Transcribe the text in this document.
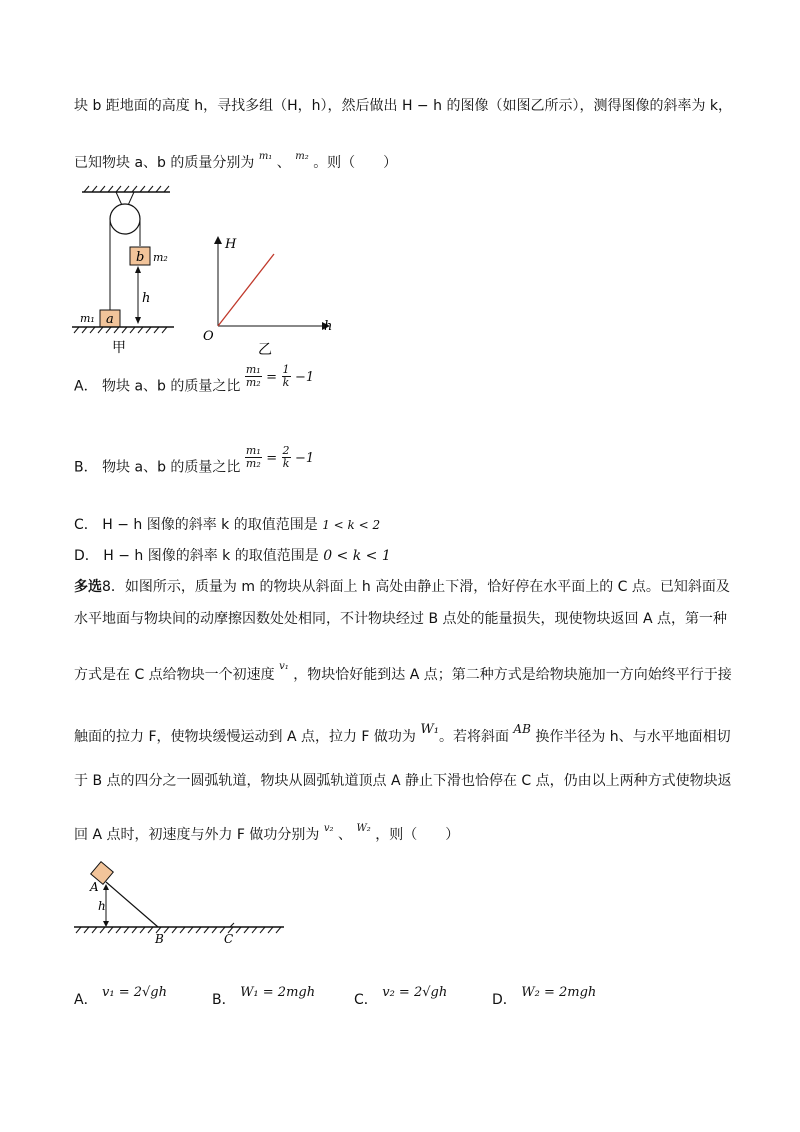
块 b 距地面的高度 h，寻找多组（H，h），然后做出 H − h 的图像（如图乙所示），测得图像的斜率为 k，
已知物块 a、b 的质量分别为 $^{m_1}$ 、 $^{m_2}$ 。则（　　）
b m₂
h
a
m₁
甲
H
h
O
乙
A． 物块 a、b 的质量之比 $\frac{\text{m₁}}{\text{m₂}} = \frac{1}{k} -1$
B． 物块 a、b 的质量之比 $\frac{\text{m₁}}{\text{m₂}} = \frac{2}{k} -1$
C． H − h 图像的斜率 k 的取值范围是 1 < k < 2
D． H − h 图像的斜率 k 的取值范围是 0 < k < 1
多选8．如图所示，质量为 m 的物块从斜面上 h 高处由静止下滑，恰好停在水平面上的 C 点。已知斜面及
水平地面与物块间的动摩擦因数处处相同，不计物块经过 B 点处的能量损失，现使物块返回 A 点，第一种
方式是在 C 点给物块一个初速度 $^{v_1}$ ，物块恰好能到达 A 点；第二种方式是给物块施加一方向始终平行于接
触面的拉力 F，使物块缓慢运动到 A 点，拉力 F 做功为 W₁。若将斜面 AB 换作半径为 h、与水平地面相切
于 B 点的四分之一圆弧轨道，物块从圆弧轨道顶点 A 静止下滑也恰停在 C 点，仍由以上两种方式使物块返
回 A 点时，初速度与外力 F 做功分别为 $^{v_2}$ 、 $^{W_2}$ ，则（　　）
A
h
B	C
A． v₁ = 2√gh	B． W₁ = 2mgh	C． v₂ = 2√gh	D． W₂ = 2mgh
